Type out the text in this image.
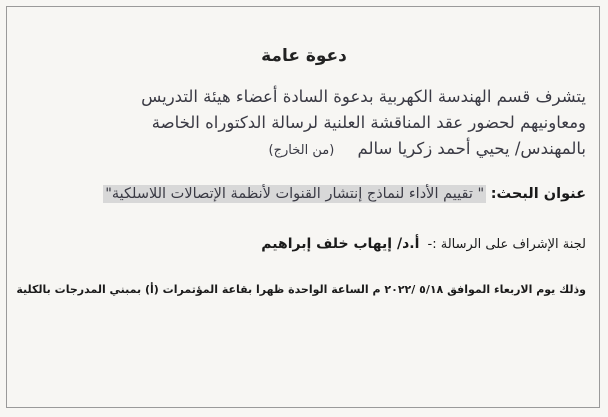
دعوة عامة
يتشرف قسم الهندسة الكهربية بدعوة السادة أعضاء هيئة التدريس
ومعاونيهم لحضور عقد المناقشة العلنية لرسالة الدكتوراه الخاصة
بالمهندس/ يحيي أحمد زكريا سالم (من الخارج)
عنوان البحث: " تقييم الأداء لنماذج إنتشار القنوات لأنظمة الإتصالات اللاسلكية"
لجنة الإشراف على الرسالة :- أ.د/ إيهاب خلف إبراهيم
وذلك يوم الاربعاء الموافق ٥/١٨ /٢٠٢٢ م الساعة الواحدة ظهرا بقاعة المؤتمرات (أ) بمبني المدرجات بالكلية
